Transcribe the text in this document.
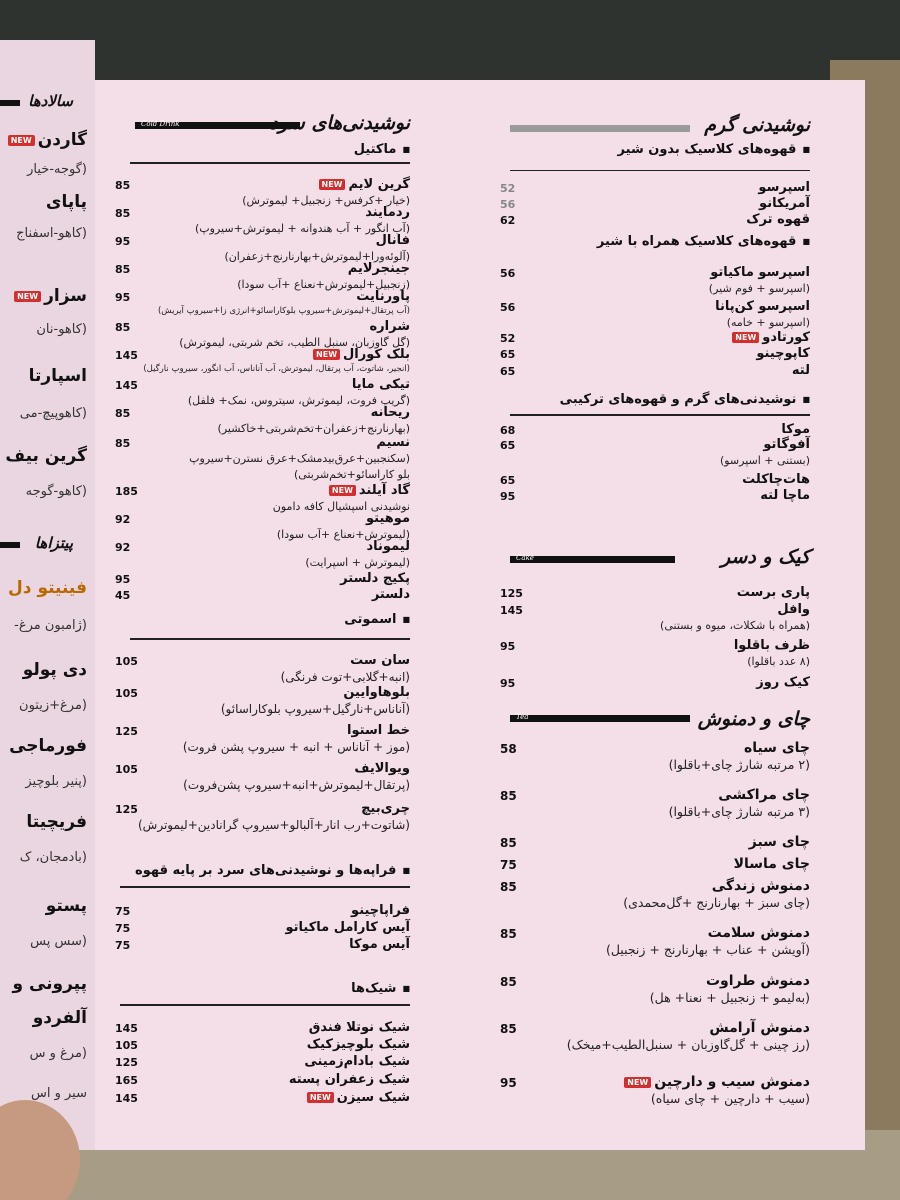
سالادها
گاردنNEW
(گوجه-خیار
پاپای
(کاهو-اسفناج
سزارNEW
(کاهو-نان
اسپارتا
(کاهوپیچ-می
گرین بیف
(کاهو-گوجه
پیتزاها
فینیتو دل
(ژامبون مرغ-
دی پولو
(مرغ+زیتون
فورماجی
(پنیر بلوچیز
فریچیتا
(بادمجان، ک
پستو
(سس پس
پپرونی و
آلفردو
(مرغ و س
سیر و اس
Cold Drink	نوشیدنی‌های سرد
■ ماکتیل
گرین لایمNEW
85
(خیار +کرفس+ زنجبیل+ لیموترش)
ردمایند
85
(آب انگور + آب هندوانه + لیموترش+سیروپ)
فانال
95
(آلوئه‌ورا+لیموترش+بهارنارنج+زعفران)
جینجرلایم
85
(زنجبیل+لیموترش+نعناع +آب سودا)
پاورنایت
95
(آب پرتقال+لیموترش+سیروپ بلوکاراسائو+انرژی زا+سیروپ آیریش)
شراره
85
(گل گاوزبان، سنبل الطیب، تخم شربتی، لیموترش)
بلک کورالNEW
145
(انجیر، شاتوت، آب پرتقال، لیموترش، آب آناناس، آب انگور، سیروپ نارگیل)
تیکی مایا
145
(گریپ فروت، لیموترش، سیتروس، نمک+ فلفل)
ریحانه
85
(بهارنارنج+زعفران+تخم‌شربتی+خاکشیر)
نسیم
85
(سکنجبین+عرق‌بیدمشک+عرق نسترن+سیروپ
بلو کاراسائو+تخم‌شربتی)
گاد آیلندNEW
185
نوشیدنی اسپشیال کافه دامون
موهیتو
92
(لیموترش+نعناع +آب سودا)
لیموناد
92
(لیموترش + اسپرایت)
پکیج دلستر
95
دلستر
45
■ اسموتی
سان ست
105
(انبه+گلابی+توت فرنگی)
بلوهاوایین
105
(آناناس+نارگیل+سیروپ بلوکاراسائو)
خط استوا
125
(موز + آناناس + انبه + سیروپ پشن فروت)
ویوالایف
105
(پرتقال+لیموترش+انبه+سیروپ پشن‌فروت)
چری‌بیچ
125
(شاتوت+رب انار+آلبالو+سیروپ گرانادین+لیموترش)
■ فراپه‌ها و نوشیدنی‌های سرد بر پایه قهوه
فراپاچینو
75
آیس کارامل ماکیاتو
75
آیس موکا
75
■ شیک‌ها
شیک نوتلا فندق
145
شیک بلوچیزکیک
105
شیک بادام‌زمینی
125
شیک زعفران پسته
165
شیک سیزنNEW
145
نوشیدنی گرم
■ قهوه‌های کلاسیک بدون شیر
اسپرسو
52
آمریکانو
56
قهوه ترک
62
■ قهوه‌های کلاسیک همراه با شیر
اسپرسو ماکیاتو
56
(اسپرسو + فوم شیر)
اسپرسو کن‌پانا
56
(اسپرسو + خامه)
کورتادوNEW
52
کاپوچینو
65
لته
65
■ نوشیدنی‌های گرم و قهوه‌های ترکیبی
موکا
68
آفوگاتو
65
(بستنی + اسپرسو)
هات‌چاکلت
65
ماچا لته
95
Cake	کیک و دسر
پاری برست
125
وافل
145
(همراه با شکلات، میوه و بستنی)
ظرف باقلوا
95
(۸ عدد باقلوا)
کیک روز
95
Tea	چای و دمنوش
چای سیاه
58
(۲ مرتبه شارژ چای+باقلوا)
چای مراکشی
85
(۳ مرتبه شارژ چای+باقلوا)
چای سبز
85
چای ماسالا
75
دمنوش زندگی
85
(چای سبز + بهارنارنج +گل‌محمدی)
دمنوش سلامت
85
(آویشن + عناب + بهارنارنج + زنجبیل)
دمنوش طراوت
85
(به‌لیمو + زنجبیل + نعنا+ هل)
دمنوش آرامش
85
(رز چینی + گل‌گاوزبان + سنبل‌الطیب+میخک)
دمنوش سیب و دارچینNEW
95
(سیب + دارچین + چای سیاه)
